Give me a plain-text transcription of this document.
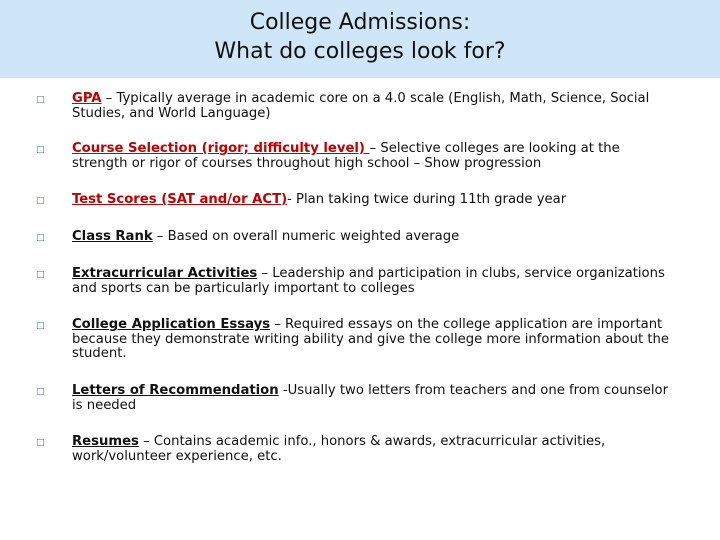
College Admissions:
What do colleges look for?
□ GPA – Typically average in academic core on a 4.0 scale (English, Math, Science, Social Studies, and World Language)
□ Course Selection (rigor; difficulty level) – Selective colleges are looking at the strength or rigor of courses throughout high school – Show progression
□ Test Scores (SAT and/or ACT)- Plan taking twice during 11th grade year
□ Class Rank – Based on overall numeric weighted average
□ Extracurricular Activities – Leadership and participation in clubs, service organizations and sports can be particularly important to colleges
□ College Application Essays – Required essays on the college application are important because they demonstrate writing ability and give the college more information about the student.
□ Letters of Recommendation -Usually two letters from teachers and one from counselor is needed
□ Resumes – Contains academic info., honors & awards, extracurricular activities, work/volunteer experience, etc.
